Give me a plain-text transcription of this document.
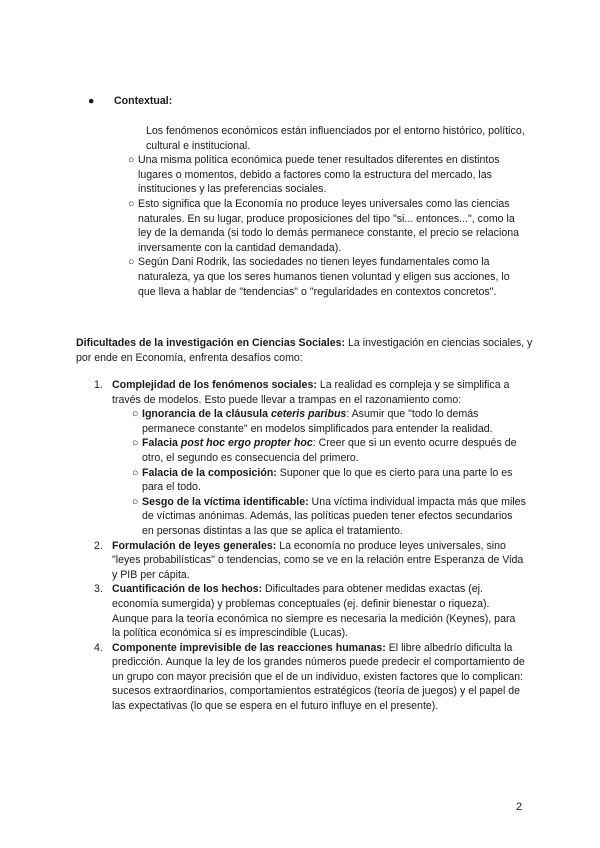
● Contextual:
Los fenómenos económicos están influenciados por el entorno histórico, político, cultural e institucional.
○ Una misma política económica puede tener resultados diferentes en distintos lugares o momentos, debido a factores como la estructura del mercado, las instituciones y las preferencias sociales.
○ Esto significa que la Economía no produce leyes universales como las ciencias naturales. En su lugar, produce proposiciones del tipo "si... entonces...", como la ley de la demanda (si todo lo demás permanece constante, el precio se relaciona inversamente con la cantidad demandada).
○ Según Dani Rodrik, las sociedades no tienen leyes fundamentales como la naturaleza, ya que los seres humanos tienen voluntad y eligen sus acciones, lo que lleva a hablar de "tendencias" o "regularidades en contextos concretos".
Dificultades de la investigación en Ciencias Sociales: La investigación en ciencias sociales, y por ende en Economía, enfrenta desafíos como:
1. Complejidad de los fenómenos sociales: La realidad es compleja y se simplifica a través de modelos. Esto puede llevar a trampas en el razonamiento como:
○ Ignorancia de la cláusula ceteris paribus: Asumir que "todo lo demás permanece constante" en modelos simplificados para entender la realidad.
○ Falacia post hoc ergo propter hoc: Creer que si un evento ocurre después de otro, el segundo es consecuencia del primero.
○ Falacia de la composición: Suponer que lo que es cierto para una parte lo es para el todo.
○ Sesgo de la víctima identificable: Una víctima individual impacta más que miles de víctimas anónimas. Además, las políticas pueden tener efectos secundarios en personas distintas a las que se aplica el tratamiento.
2. Formulación de leyes generales: La economía no produce leyes universales, sino "leyes probabilísticas" o tendencias, como se ve en la relación entre Esperanza de Vida y PIB per cápita.
3. Cuantificación de los hechos: Dificultades para obtener medidas exactas (ej. economía sumergida) y problemas conceptuales (ej. definir bienestar o riqueza). Aunque para la teoría económica no siempre es necesaria la medición (Keynes), para la política económica sí es imprescindible (Lucas).
4. Componente imprevisible de las reacciones humanas: El libre albedrío dificulta la predicción. Aunque la ley de los grandes números puede predecir el comportamiento de un grupo con mayor precisión que el de un individuo, existen factores que lo complican: sucesos extraordinarios, comportamientos estratégicos (teoría de juegos) y el papel de las expectativas (lo que se espera en el futuro influye en el presente).
2
